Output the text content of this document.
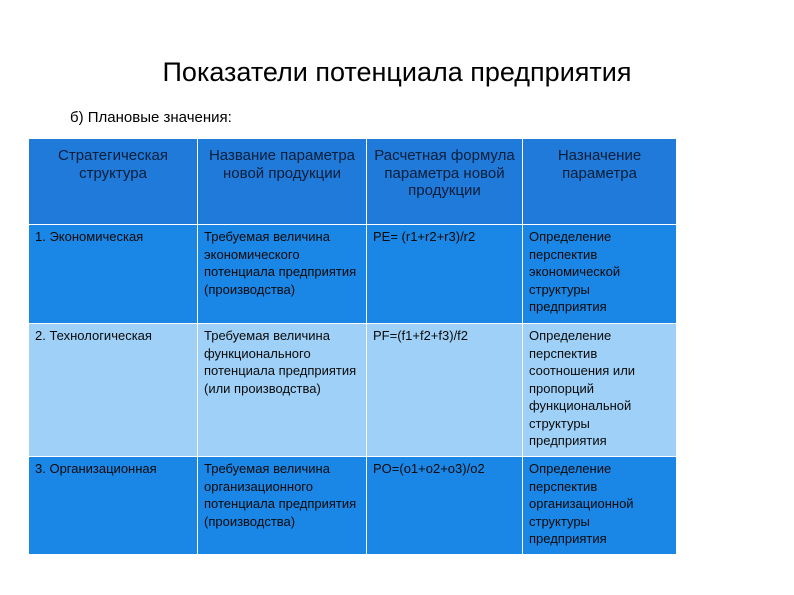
Показатели потенциала предприятия
б) Плановые значения:
Стратегическая структура	Название параметра новой продукции	Расчетная формула параметра новой продукции	Назначение параметра
1. Экономическая	Требуемая величина экономического потенциала предприятия (производства)	PE= (r1+r2+r3)/r2	Определение перспектив экономической структуры предприятия
2. Технологическая	Требуемая величина функционального потенциала предприятия (или производства)	PF=(f1+f2+f3)/f2	Определение перспектив соотношения или пропорций функциональной структуры предприятия
3. Организационная	Требуемая величина организационного потенциала предприятия (производства)	PO=(o1+o2+o3)/o2	Определение перспектив организационной структуры предприятия
